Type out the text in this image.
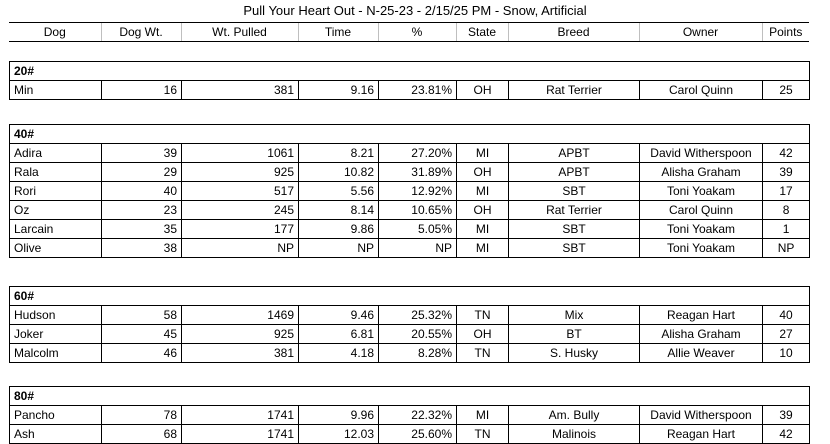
Pull Your Heart Out - N-25-23 - 2/15/25 PM - Snow, Artificial
Dog	Dog Wt.	Wt. Pulled	Time	%	State	Breed	Owner	Points
20#
Min	16	381	9.16	23.81%	OH	Rat Terrier	Carol Quinn	25
40#								
Adira	39	1061	8.21	27.20%	MI	APBT	David Witherspoon	42
Rala	29	925	10.82	31.89%	OH	APBT	Alisha Graham	39
Rori	40	517	5.56	12.92%	MI	SBT	Toni Yoakam	17
Oz	23	245	8.14	10.65%	OH	Rat Terrier	Carol Quinn	8
Larcain	35	177	9.86	5.05%	MI	SBT	Toni Yoakam	1
Olive	38	NP	NP	NP	MI	SBT	Toni Yoakam	NP
60#								
Hudson	58	1469	9.46	25.32%	TN	Mix	Reagan Hart	40
Joker	45	925	6.81	20.55%	OH	BT	Alisha Graham	27
Malcolm	46	381	4.18	8.28%	TN	S. Husky	Allie Weaver	10
80#								
Pancho	78	1741	9.96	22.32%	MI	Am. Bully	David Witherspoon	39
Ash	68	1741	12.03	25.60%	TN	Malinois	Reagan Hart	42
